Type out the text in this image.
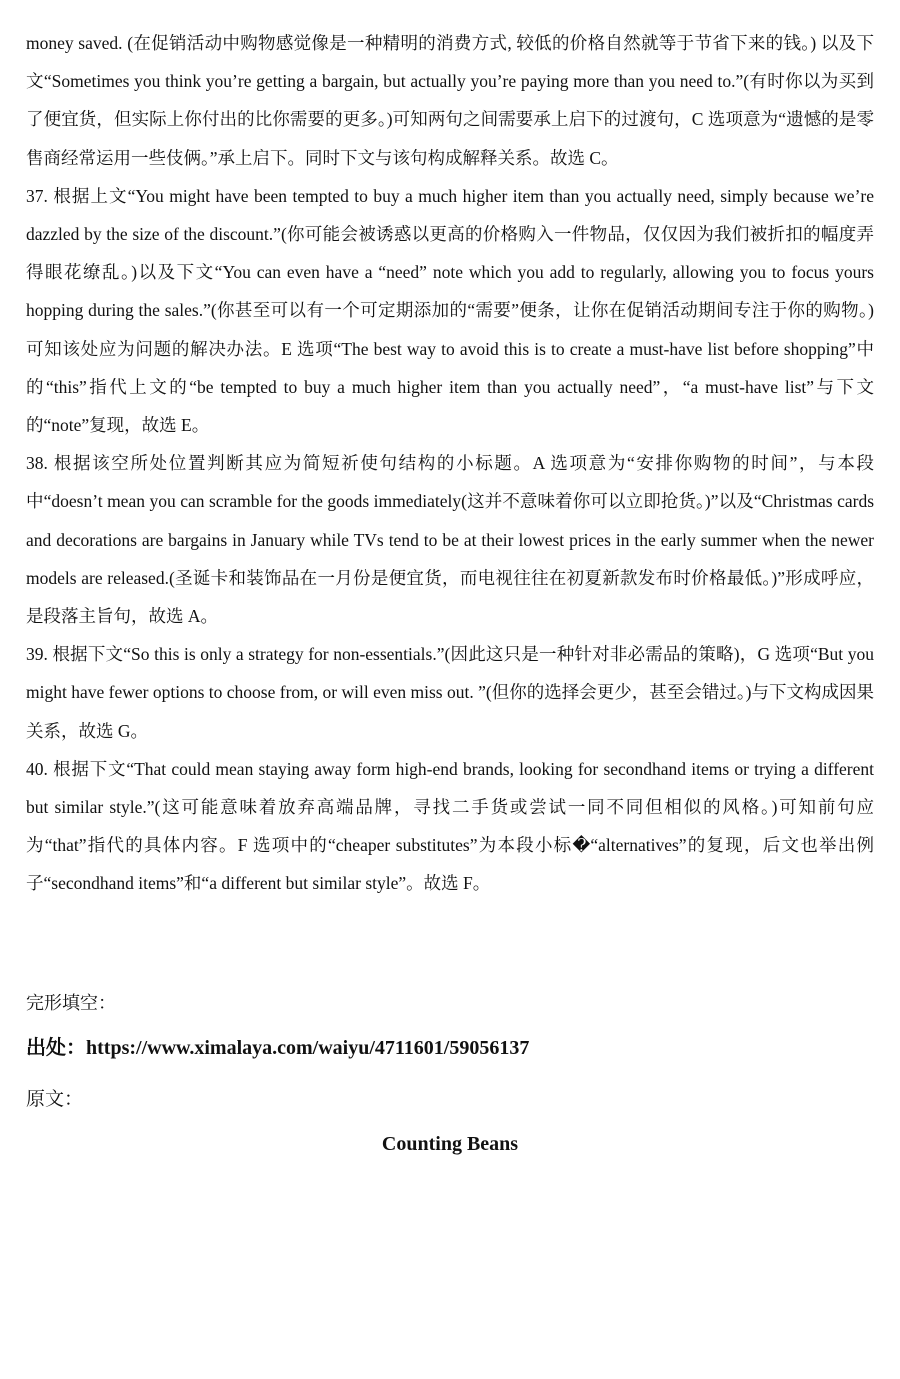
money saved. (在促销活动中购物感觉像是一种精明的消费方式, 较低的价格自然就等于节省下来的钱。) 以及下文“Sometimes you think you’re getting a bargain, but actually you’re paying more than you need to.”(有时你以为买到了便宜货，但实际上你付出的比你需要的更多。)可知两句之间需要承上启下的过渡句，C 选项意为“遗憾的是零售商经常运用一些伎俩。”承上启下。同时下文与该句构成解释关系。故选 C。

37. 根据上文“You might have been tempted to buy a much higher item than you actually need, simply because we’re dazzled by the size of the discount.”(你可能会被诱惑以更高的价格购入一件物品，仅仅因为我们被折扣的幅度弄得眼花缭乱。)以及下文“You can even have a “need” note which you add to regularly, allowing you to focus yours hopping during the sales.”(你甚至可以有一个可定期添加的“需要”便条，让你在促销活动期间专注于你的购物。)可知该处应为问题的解决办法。E 选项“The best way to avoid this is to create a must-have list before shopping”中的“this”指代上文的“be tempted to buy a much higher item than you actually need”，“a must-have list”与下文的“note”复现，故选 E。

38. 根据该空所处位置判断其应为简短祈使句结构的小标题。A 选项意为“安排你购物的时间”，与本段中“doesn’t mean you can scramble for the goods immediately(这并不意味着你可以立即抢货。)”以及“Christmas cards and decorations are bargains in January while TVs tend to be at their lowest prices in the early summer when the newer models are released.(圣诞卡和装饰品在一月份是便宜货，而电视往往在初夏新款发布时价格最低。)”形成呼应，是段落主旨句，故选 A。

39. 根据下文“So this is only a strategy for non-essentials.”(因此这只是一种针对非必需品的策略)，G 选项“But you might have fewer options to choose from, or will even miss out. ”(但你的选择会更少，甚至会错过。)与下文构成因果关系，故选 G。

40. 根据下文“That could mean staying away form high-end brands, looking for secondhand items or trying a different but similar style.”(这可能意味着放弃高端品牌，寻找二手货或尝试一同不同但相似的风格。)可知前句应为“that”指代的具体内容。F 选项中的“cheaper substitutes”为本段小标�“alternatives”的复现，后文也举出例子“secondhand items”和“a different but similar style”。故选 F。

完形填空：

出处：https://www.ximalaya.com/waiyu/4711601/59056137

原文：

Counting Beans
